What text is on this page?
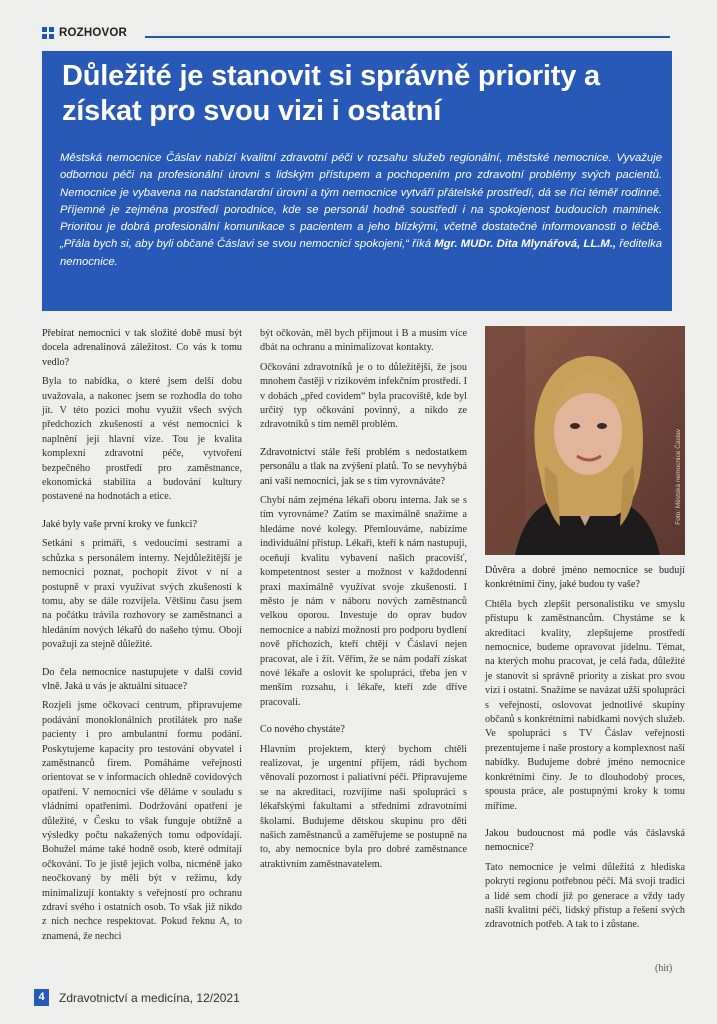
ROZHOVOR
Důležité je stanovit si správně priority a získat pro svou vizi i ostatní

Městská nemocnice Čáslav nabízí kvalitní zdravotní péči v rozsahu služeb regionální, městské nemocnice. Vyvažuje odbornou péči na profesionální úrovni s lidským přístupem a pochopením pro zdravotní problémy svých pacientů. Nemocnice je vybavena na nadstandardní úrovni a tým nemocnice vytváří přátelské prostředí, dá se říci téměř rodinné. Příjemné je zejména prostředí porodnice, kde se personál hodně soustředí i na spokojenost budoucích maminek. Prioritou je dobrá profesionální komunikace s pacientem a jeho blízkými, včetně dostatečné informovanosti o léčbě. „Přála bych si, aby byli občané Čáslavi se svou nemocnicí spokojeni,“ říká Mgr. MUDr. Dita Mlynářová, LL.M., ředitelka nemocnice.

Přebírat nemocnici v tak složité době musí být docela adrenalinová záležitost. Co vás k tomu vedlo?

Byla to nabídka, o které jsem delší dobu uvažovala, a nakonec jsem se rozhodla do toho jít. V této pozici mohu využít všech svých předchozích zkušeností a vést nemocnici k naplnění její hlavní vize. Tou je kvalita komplexní zdravotní péče, vytvoření bezpečného prostředí pro zaměstnance, ekonomická stabilita a budování kultury postavené na hodnotách a etice.

Jaké byly vaše první kroky ve funkci?

Setkání s primáři, s vedoucími sestrami a schůzka s personálem interny. Nejdůležitější je nemocnici poznat, pochopit život v ní a postupně v praxi využívat svých zkušeností k tomu, aby se dále rozvíjela. Většinu času jsem na počátku trávila rozhovory se zaměstnanci a hledáním nových lékařů do našeho týmu. Obojí považuji za stejně důležité.

Do čela nemocnice nastupujete v další covid vlně. Jaká u vás je aktuální situace?

Rozjeli jsme očkovací centrum, připravujeme podávání monoklonálních protilátek pro naše pacienty i pro ambulantní formu podání. Poskytujeme kapacity pro testování obyvatel i zaměstnanců firem. Pomáháme veřejnosti orientovat se v informacích ohledně covidových opatření. V nemocnici vše děláme v souladu s vládními opatřeními. Dodržování opatření je důležité, v Česku to však funguje obtížně a výsledky počtu nakažených tomu odpovídají. Bohužel máme také hodně osob, které odmítají očkování. To je jistě jejich volba, nicméně jako neočkovaný by měli být v režimu, kdy minimalizují kontakty s veřejností pro ochranu zdraví svého i ostatních osob. To však již nikdo z nich nechce respektovat. Pokud řeknu A, to znamená, že nechci

být očkován, měl bych přijmout i B a musím více dbát na ochranu a minimalizovat kontakty.

Očkování zdravotníků je o to důležitější, že jsou mnohem častěji v rizikovém infekčním prostředí. I v dobách „před covidem“ byla pracoviště, kde byl určitý typ očkování povinný, a nikdo ze zdravotníků s tím neměl problém.

Zdravotnictví stále řeší problém s nedostatkem personálu a tlak na zvýšení platů. To se nevyhýbá ani vaší nemocnici, jak se s tím vyrovnáváte?

Chybí nám zejména lékaři oboru interna. Jak se s tím vyrovnáme? Zatím se maximálně snažíme a hledáme nové kolegy. Přemlouváme, nabízíme individuální přístup. Lékaři, kteří k nám nastupují, oceňují kvalitu vybavení našich pracovišť, kompetentnost sester a možnost v každodenní praxi maximálně využívat svoje zkušenosti. I město je nám v náboru nových zaměstnanců velkou oporou. Investuje do oprav budov nemocnice a nabízí možnosti pro podporu bydlení nově příchozích, kteří chtějí v Čáslavi nejen pracovat, ale i žít. Věřím, že se nám podaří získat nové lékaře a oslovit ke spolupráci, třeba jen v menším rozsahu, i lékaře, kteří zde dříve pracovali.

Co nového chystáte?

Hlavním projektem, který bychom chtěli realizovat, je urgentní příjem, rádi bychom věnovali pozornost i paliativní péči. Připravujeme se na akreditaci, rozvíjíme naši spolupráci s lékařskými fakultami a středními zdravotními školami. Budujeme dětskou skupinu pro děti našich zaměstnanců a zaměřujeme se postupně na to, aby nemocnice byla pro dobré zaměstnance atraktivním zaměstnavatelem.

Foto: Městská nemocnice Čáslav

Důvěra a dobré jméno nemocnice se budují konkrétními činy, jaké budou ty vaše?

Chtěla bych zlepšit personalistiku ve smyslu přístupu k zaměstnancům. Chystáme se k akreditaci kvality, zlepšujeme prostředí nemocnice, budeme opravovat jídelnu. Témat, na kterých mohu pracovat, je celá řada, důležité je stanovit si správně priority a získat pro svou vizi i ostatní. Snažíme se navázat užší spolupráci s veřejností, oslovovat jednotlivé skupiny občanů s konkrétními nabídkami nových služeb. Ve spolupráci s TV Čáslav veřejnosti prezentujeme i naše prostory a komplexnost naší nabídky. Budujeme dobré jméno nemocnice konkrétními činy. Je to dlouhodobý proces, spousta práce, ale postupnými kroky k tomu míříme.

Jakou budoucnost má podle vás čáslavská nemocnice?

Tato nemocnice je velmi důležitá z hlediska pokrytí regionu potřebnou péčí. Má svoji tradici a lidé sem chodí již po generace a vždy tady našli kvalitní péči, lidský přístup a řešení svých zdravotních potřeb. A tak to i zůstane.

(hit)
4	Zdravotnictví a medicína, 12/2021
